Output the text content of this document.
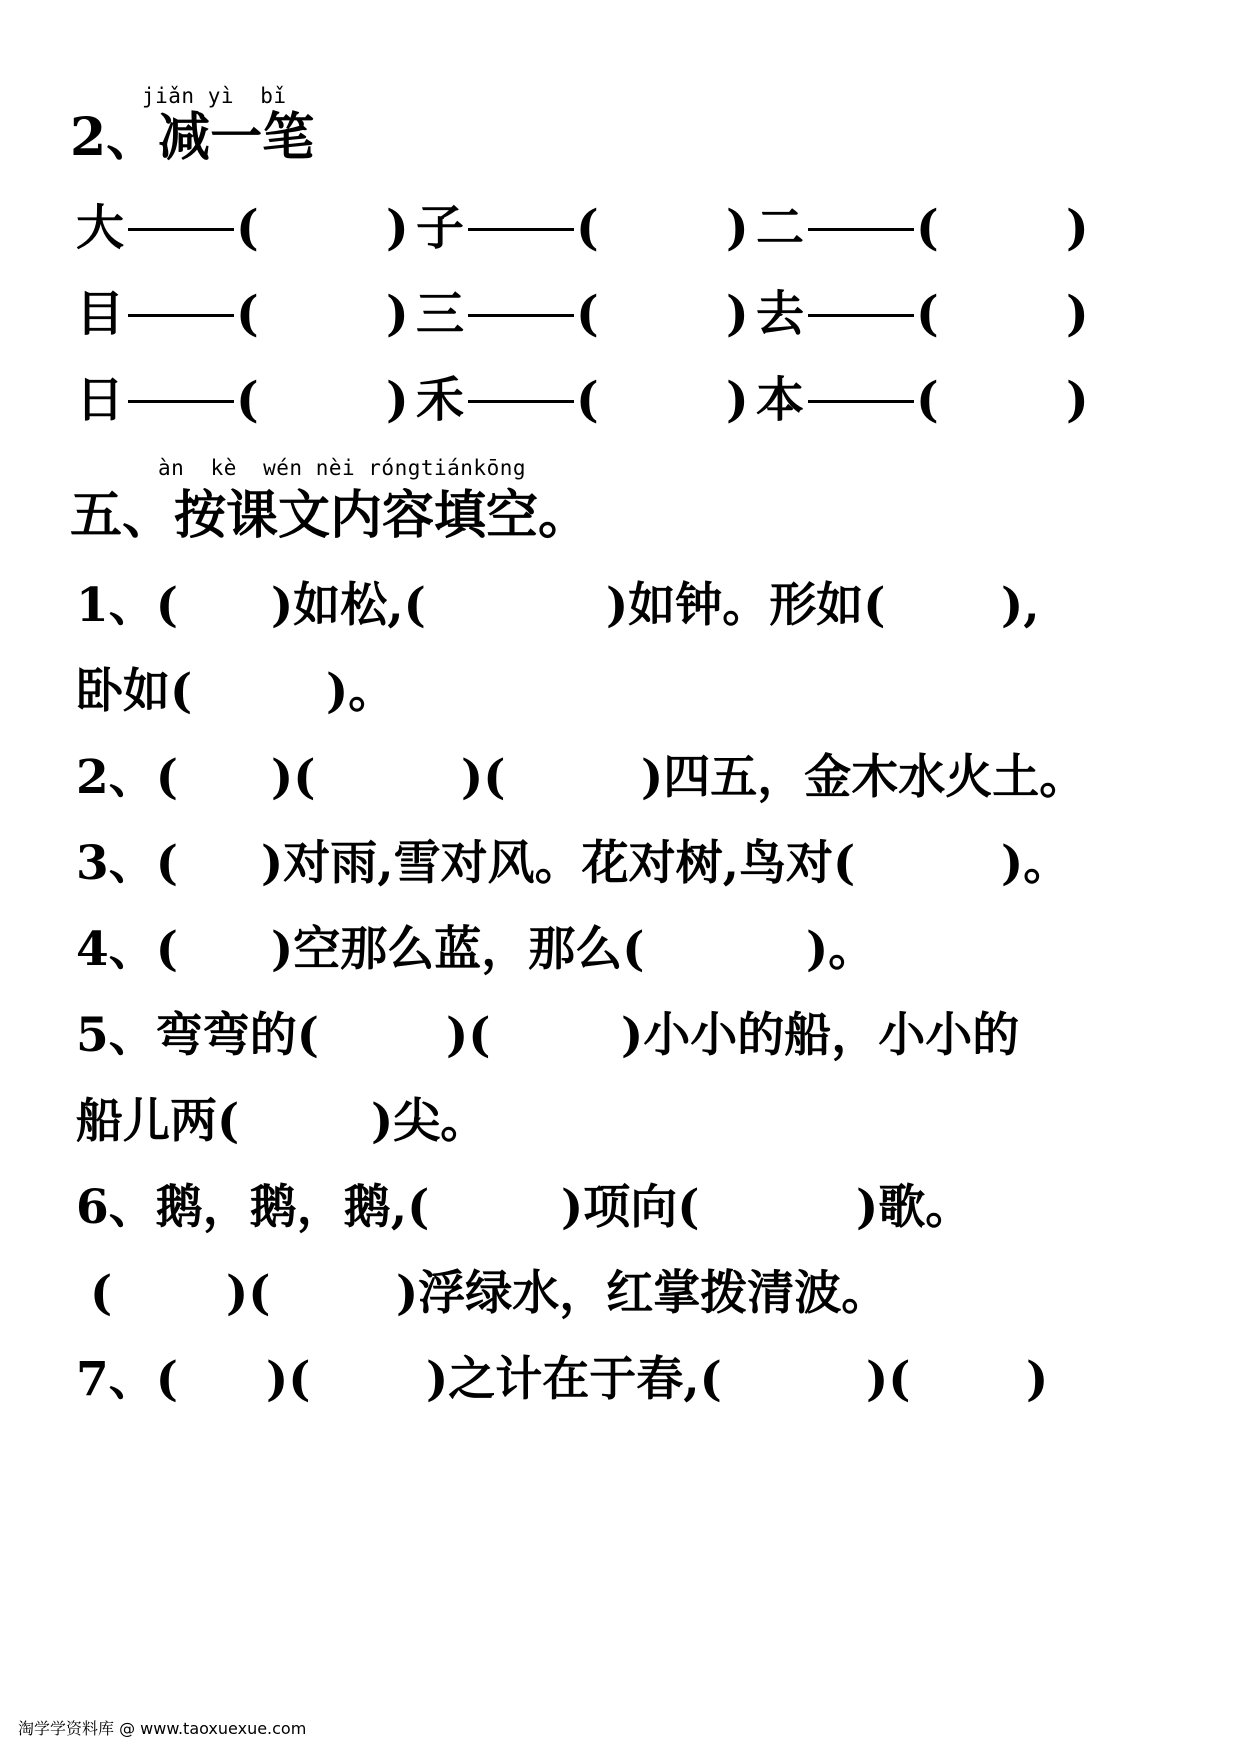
jiǎn yì  bǐ
2、减一笔
大 (	) 子 (	) 二 (	)
目 (	) 三 (	) 去 (	)
日 (	) 禾 (	) 本 (	)
àn  kè  wén nèi róngtiánkōng
五、按课文内容填空。
1、( )如松,(	)如钟。形如( ),
卧如(	)。
2、( )(	)(	)四五，金木水火土。
3、( )对雨,雪对风。花对树,鸟对(	)。
4、( )空那么蓝，那么(	)。
5、弯弯的(	)(	)小小的船，小小的
船儿两(	)尖。
6、鹅，鹅，鹅,(	)项向(	)歌。
( )(	)浮绿水，红掌拨清波。
7、( )( )之计在于春,(	)( )
淘学学资料库 @ www.taoxuexue.com
